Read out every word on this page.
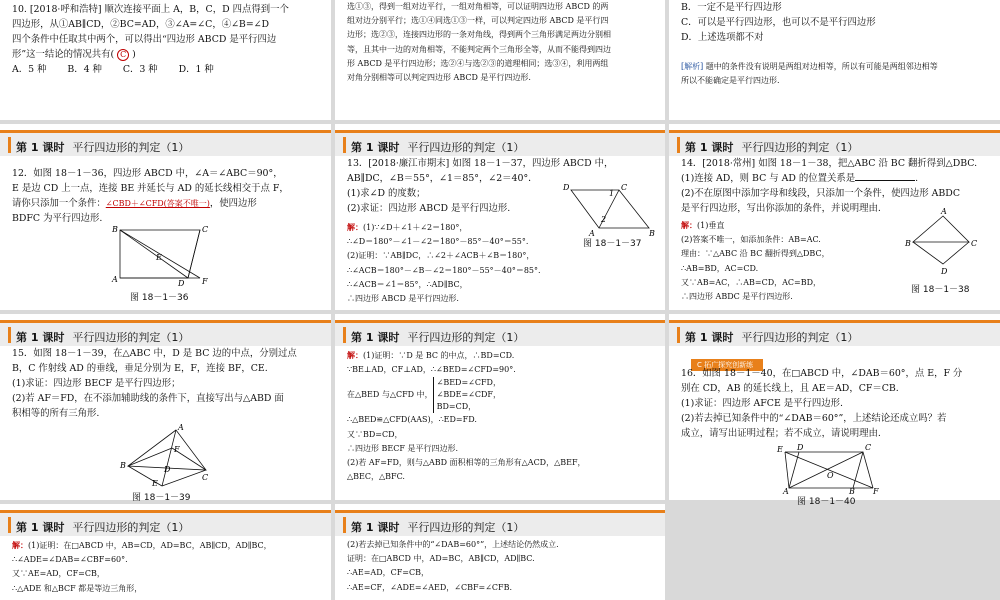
10. [2018·呼和浩特] 顺次连接平面上 A，B，C，D 四点得到一个
四边形，从①AB∥CD，②BC=AD，③∠A=∠C，④∠B=∠D
四个条件中任取其中两个，可以得出“四边形 ABCD 是平行四边
形”这一结论的情况共有( C )
A．5 种 B．4 种 C．3 种 D．1 种
选①③，得到一组对边平行，一组对角相等，可以证明四边形 ABCD 的两
组对边分别平行；选①④同选①③一样，可以判定四边形 ABCD 是平行四
边形；选②③，连接四边形的一条对角线，得到两个三角形满足两边分别相
等，且其中一边的对角相等，不能判定两个三角形全等，从而不能得到四边
形 ABCD 是平行四边形；选②④与选②③的道理相同；选③④，利用两组
对角分别相等可以判定四边形 ABCD 是平行四边形.
B．一定不是平行四边形
C．可以是平行四边形，也可以不是平行四边形
D．上述选项都不对
[解析] 题中的条件没有说明是两组对边相等，所以有可能是两组邻边相等
所以不能确定是平行四边形.
第 1 课时 平行四边形的判定（1）
12．如图 18－1－36，四边形 ABCD 中，∠A＝∠ABC＝90°，
E 是边 CD 上一点，连接 BE 并延长与 AD 的延长线相交于点 F，
请你只添加一个条件：∠CBD＋∠CFD(答案不唯一)，使四边形
BDFC 为平行四边形.
B	C
E
A	D F
图 18－1－36
第 1 课时 平行四边形的判定（1）
13．[2018·廉江市期末] 如图 18－1－37，四边形 ABCD 中，
AB∥DC，∠B＝55°，∠1＝85°，∠2＝40°．
(1)求∠D 的度数；
(2)求证：四边形 ABCD 是平行四边形.
解：(1)∵∠D＋∠1＋∠2＝180°，
∴∠D＝180°－∠1－∠2＝180°－85°－40°＝55°.
(2)证明：∵AB∥DC，∴∠2＋∠ACB＋∠B＝180°，
∴∠ACB＝180°－∠B－∠2＝180°－55°－40°＝85°.
∴∠ACB＝∠1＝85°，∴AD∥BC，
∴四边形 ABCD 是平行四边形.
D	C
1
2
A	B
图 18－1－37
第 1 课时 平行四边形的判定（1）
14．[2018·常州] 如图 18－1－38，把△ABC 沿 BC 翻折得到△DBC.
(1)连接 AD，则 BC 与 AD 的位置关系是	.
(2)不在原图中添加字母和线段，只添加一个条件，使四边形 ABDC
是平行四边形，写出你添加的条件，并说明理由.
解：(1)垂直
(2)答案不唯一，如添加条件：AB=AC.
理由：∵△ABC 沿 BC 翻折得到△DBC，
∴AB=BD，AC=CD.
又∵AB=AC，∴AB=CD，AC=BD，
∴四边形 ABDC 是平行四边形.
A
B	C
D
图 18－1－38
第 1 课时 平行四边形的判定（1）
15．如图 18－1－39，在△ABC 中，D 是 BC 边的中点，分别过点
B，C 作射线 AD 的垂线，垂足分别为 E，F，连接 BF，CE.
(1)求证：四边形 BECF 是平行四边形；
(2)若 AF＝FD，在不添加辅助线的条件下，直接写出与△ABD 面
积相等的所有三角形.
A
F
B	D
C
E
图 18－1－39
第 1 课时 平行四边形的判定（1）
解：(1)证明：∵D 是 BC 的中点，∴BD=CD.
∵BE⊥AD，CF⊥AD，∴∠BED=∠CFD=90°.
在△BED 与△CFD 中，
∠BED=∠CFD，
∠BDE=∠CDF，
BD=CD，
∴△BED≌△CFD(AAS)，∴ED=FD.
又∵BD=CD，
∴四边形 BECF 是平行四边形.
(2)若 AF=FD，则与△ABD 面积相等的三角形有△ACD，△BEF，
△BEC，△BFC.
第 1 课时 平行四边形的判定（1）
C 拓广探究创新练
16．如图 18－1－40，在□ABCD 中，∠DAB＝60°，点 E，F 分
别在 CD，AB 的延长线上，且 AE＝AD，CF＝CB.
(1)求证：四边形 AFCE 是平行四边形.
(2)若去掉已知条件中的“∠DAB＝60°”，上述结论还成立吗？若
成立，请写出证明过程；若不成立，请说明理由.
E D	C
O
A	B F
图 18－1－40
第 1 课时 平行四边形的判定（1）
解：(1)证明：在□ABCD 中，AB=CD，AD=BC，AB∥CD，AD∥BC，
∴∠ADE=∠DAB=∠CBF=60°.
又∵AE=AD，CF=CB，
∴△ADE 和△BCF 都是等边三角形，
第 1 课时 平行四边形的判定（1）
(2)若去掉已知条件中的“∠DAB=60°”，上述结论仍然成立.
证明：在□ABCD 中，AD=BC，AB∥CD，AD∥BC.
∴AE=AD，CF=CB，
∴AE=CF，∠ADE=∠AED，∠CBF=∠CFB.
